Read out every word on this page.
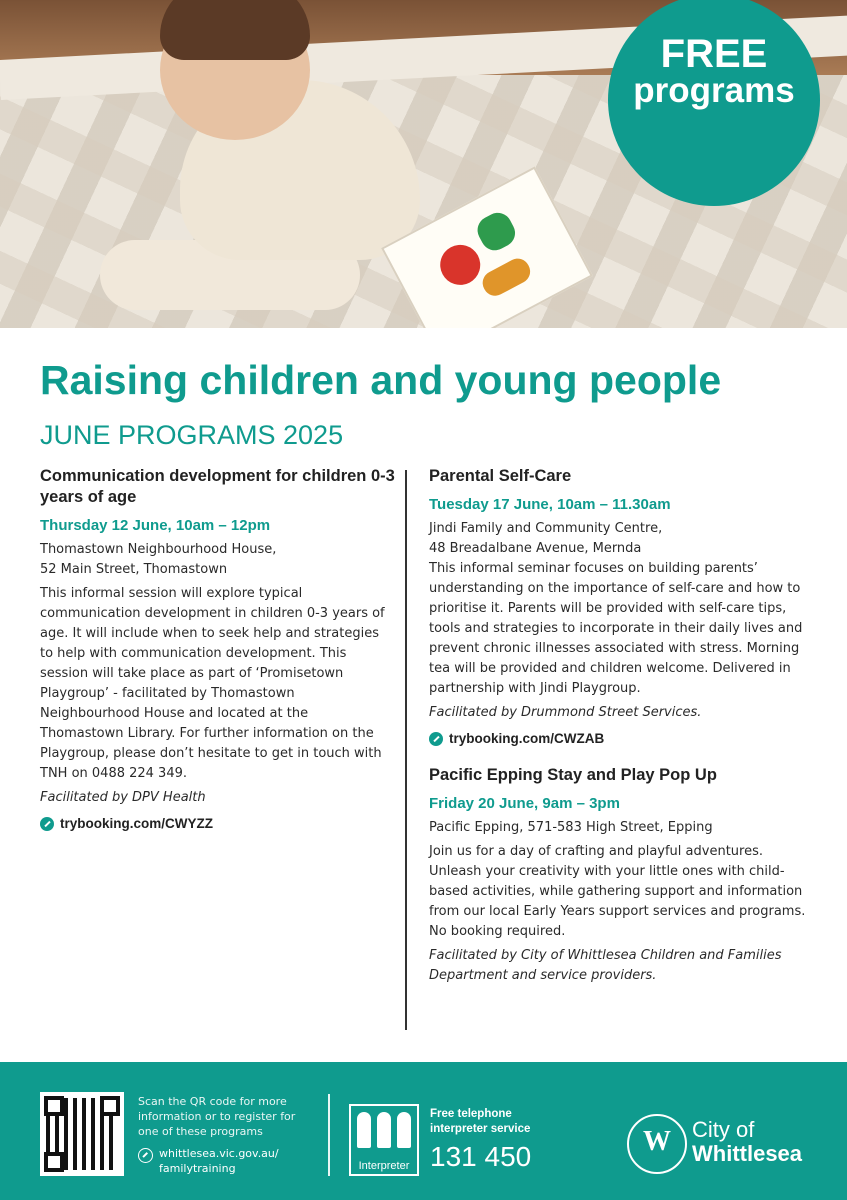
FREE
programs
Raising children and young people
JUNE PROGRAMS 2025
Communication development for children 0-3 years of age
Thursday 12 June, 10am – 12pm
Thomastown Neighbourhood House,
52 Main Street, Thomastown
This informal session will explore typical communication development in children 0-3 years of age. It will include when to seek help and strategies to help with communication development. This session will take place as part of ‘Promisetown Playgroup’ - facilitated by Thomastown Neighbourhood House and located at the Thomastown Library. For further information on the Playgroup, please don’t hesitate to get in touch with TNH on 0488 224 349.
Facilitated by DPV Health
trybooking.com/CWYZZ
Parental Self-Care
Tuesday 17 June, 10am – 11.30am
Jindi Family and Community Centre,
48 Breadalbane Avenue, Mernda
This informal seminar focuses on building parents’ understanding on the importance of self-care and how to prioritise it. Parents will be provided with self-care tips, tools and strategies to incorporate in their daily lives and prevent chronic illnesses associated with stress. Morning tea will be provided and children welcome. Delivered in partnership with Jindi Playgroup.
Facilitated by Drummond Street Services.
trybooking.com/CWZAB
Pacific Epping Stay and Play Pop Up
Friday 20 June, 9am – 3pm
Pacific Epping, 571-583 High Street, Epping
Join us for a day of crafting and playful adventures. Unleash your creativity with your little ones with child-based activities, while gathering support and information from our local Early Years support services and programs. No booking required.
Facilitated by City of Whittlesea Children and Families Department and service providers.
Scan the QR code for more information or to register for one of these programs
whittlesea.vic.gov.au/ familytraining	Interpreter
Free telephone interpreter service
131 450	W City of
Whittlesea
